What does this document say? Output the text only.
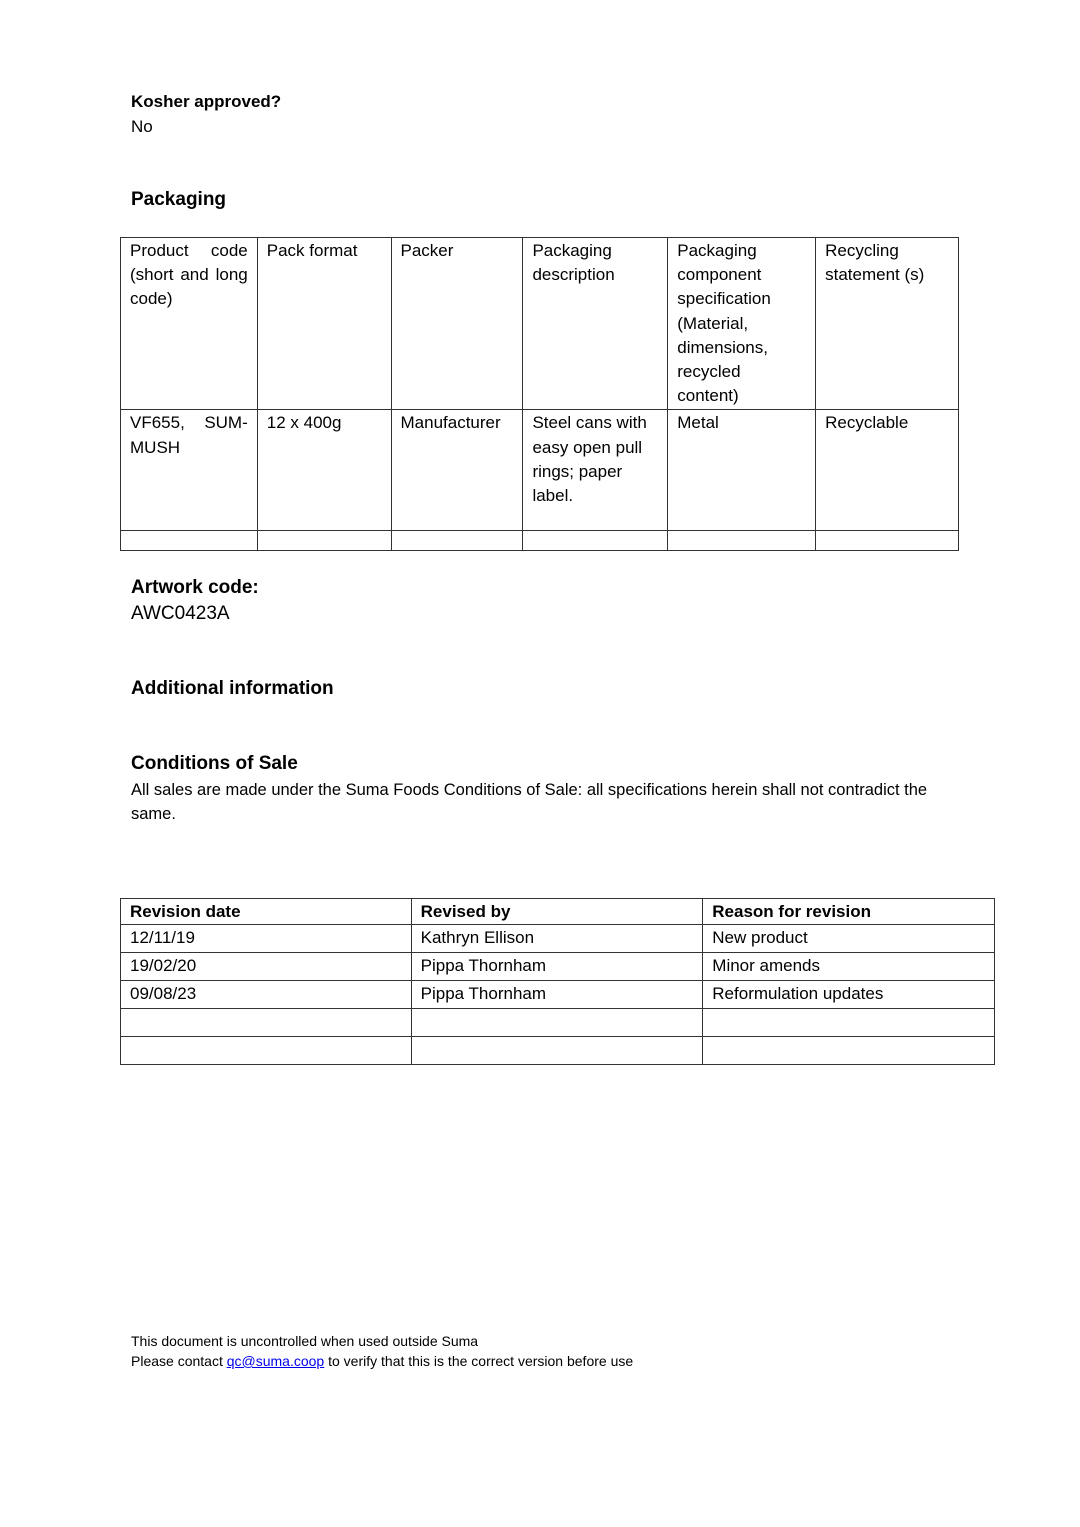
Kosher approved?
No
Packaging
Product code (short and long code)	Pack format	Packer	Packaging description	Packaging component specification (Material, dimensions, recycled content)	Recycling statement (s)
VF655, SUM-MUSH	12 x 400g	Manufacturer	Steel cans with easy open pull rings; paper label.	Metal	Recyclable

Artwork code:
AWC0423A
Additional information
Conditions of Sale
All sales are made under the Suma Foods Conditions of Sale: all specifications herein shall not contradict the same.
Revision date	Revised by	Reason for revision
12/11/19	Kathryn Ellison	New product
19/02/20	Pippa Thornham	Minor amends
09/08/23	Pippa Thornham	Reformulation updates

This document is uncontrolled when used outside Suma
Please contact qc@suma.coop to verify that this is the correct version before use
